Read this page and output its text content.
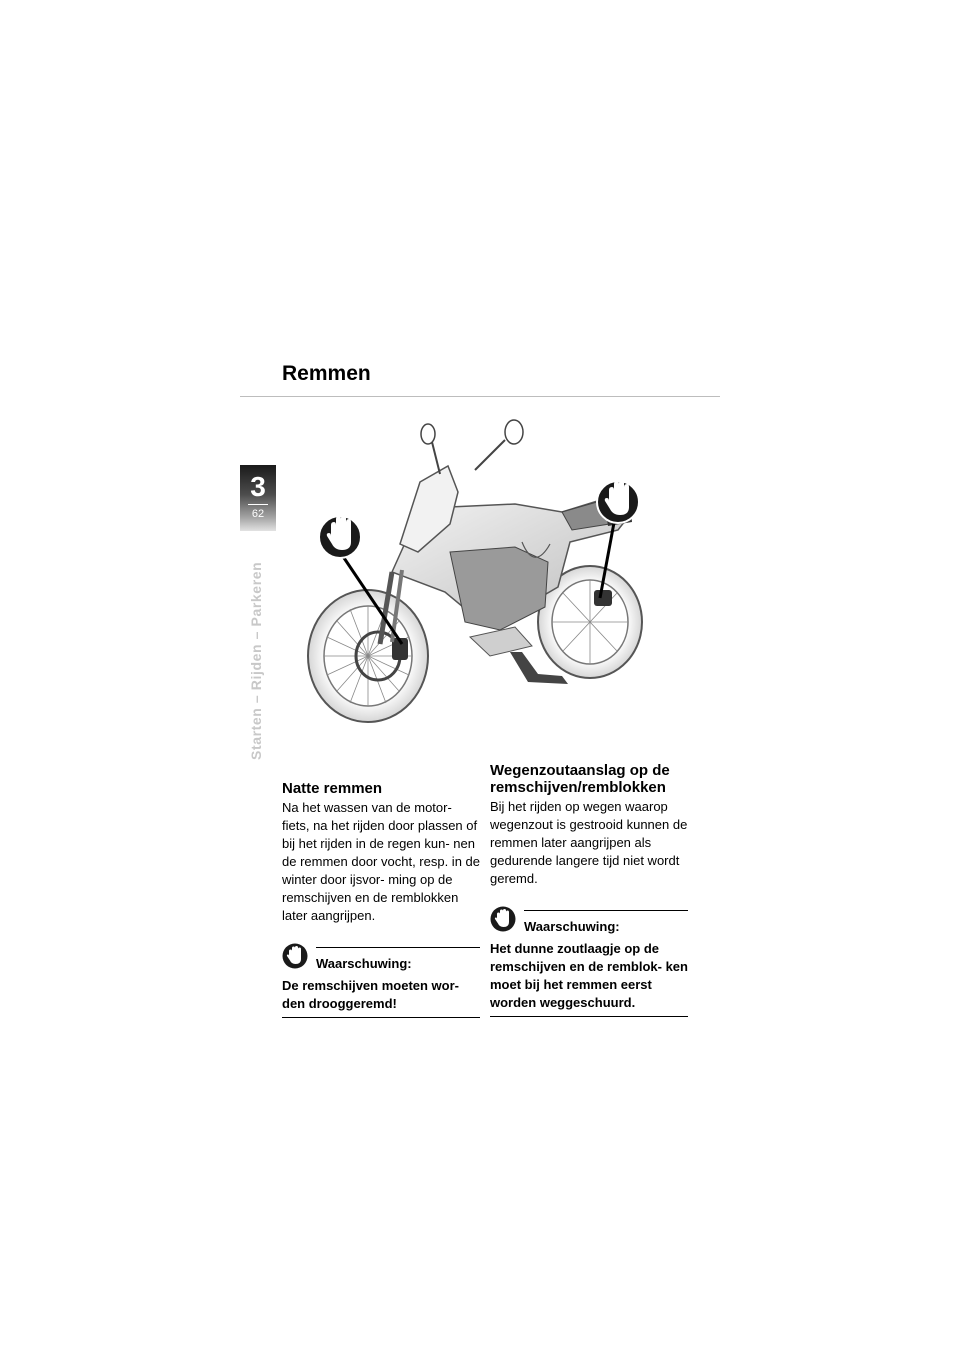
Remmen
3
62
Starten – Rijden – Parkeren
Natte remmen

Na het wassen van de motor- fiets, na het rijden door plassen of bij het rijden in de regen kun- nen de remmen door vocht, resp. in de winter door ijsvor- ming op de remschijven en de remblokken later aangrijpen.

Waarschuwing:
De remschijven moeten wor- den drooggeremd!
Wegenzoutaanslag op de remschijven/remblokken

Bij het rijden op wegen waarop wegenzout is gestrooid kunnen de remmen later aangrijpen als gedurende langere tijd niet wordt geremd.

Waarschuwing:
Het dunne zoutlaagje op de remschijven en de remblok- ken moet bij het remmen eerst worden weggeschuurd.
